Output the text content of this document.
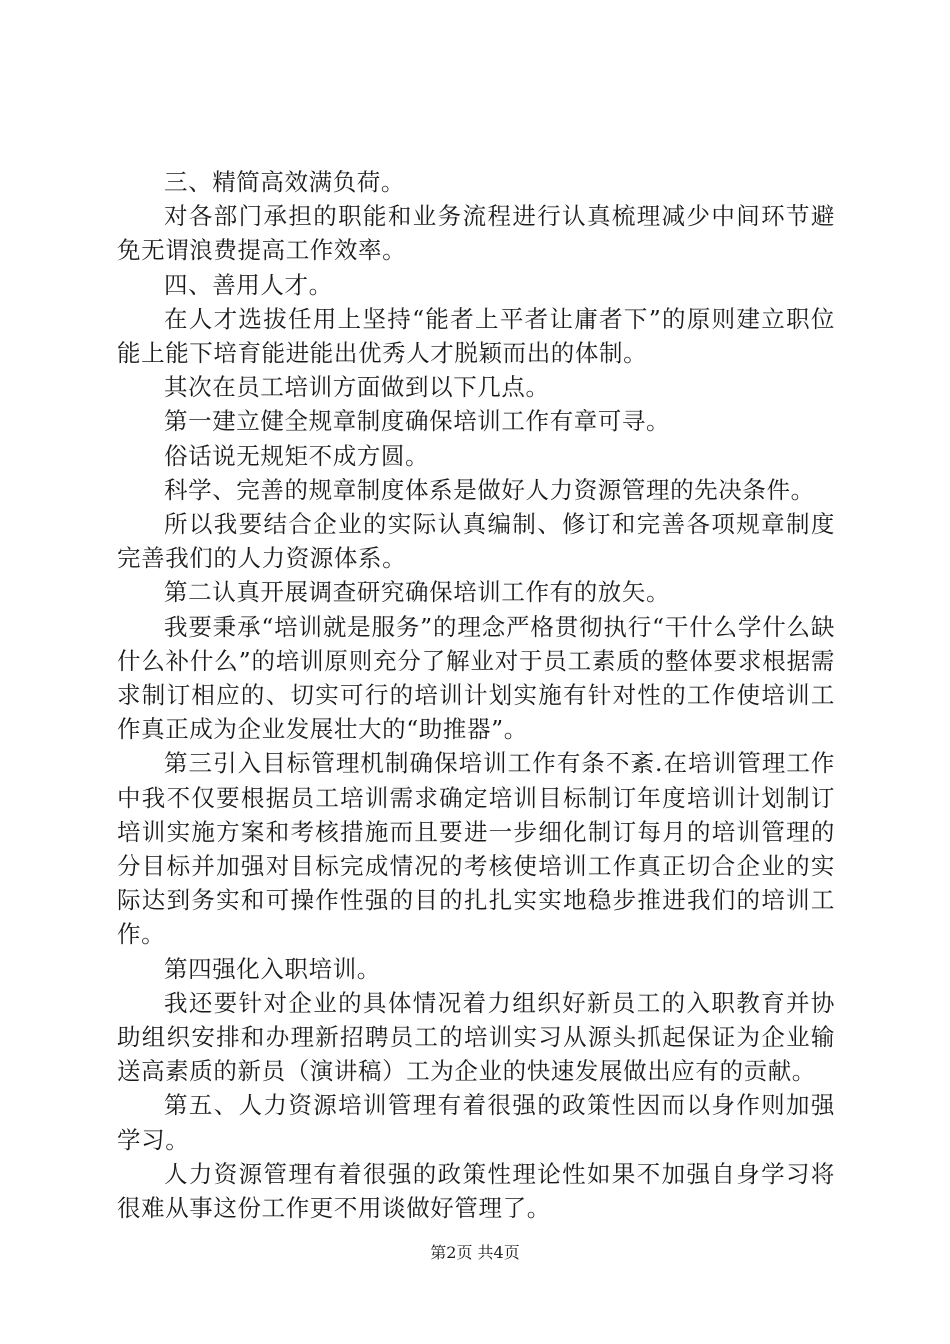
三、精简高效满负荷。

对各部门承担的职能和业务流程进行认真梳理减少中间环节避免无谓浪费提高工作效率。

四、善用人才。

在人才选拔任用上坚持“能者上平者让庸者下”的原则建立职位能上能下培育能进能出优秀人才脱颖而出的体制。

其次在员工培训方面做到以下几点。

第一建立健全规章制度确保培训工作有章可寻。

俗话说无规矩不成方圆。

科学、完善的规章制度体系是做好人力资源管理的先决条件。

所以我要结合企业的实际认真编制、修订和完善各项规章制度完善我们的人力资源体系。

第二认真开展调查研究确保培训工作有的放矢。

我要秉承“培训就是服务”的理念严格贯彻执行“干什么学什么缺什么补什么”的培训原则充分了解业对于员工素质的整体要求根据需求制订相应的、切实可行的培训计划实施有针对性的工作使培训工作真正成为企业发展壮大的“助推器”。

第三引入目标管理机制确保培训工作有条不紊.在培训管理工作中我不仅要根据员工培训需求确定培训目标制订年度培训计划制订培训实施方案和考核措施而且要进一步细化制订每月的培训管理的分目标并加强对目标完成情况的考核使培训工作真正切合企业的实际达到务实和可操作性强的目的扎扎实实地稳步推进我们的培训工作。

第四强化入职培训。

我还要针对企业的具体情况着力组织好新员工的入职教育并协助组织安排和办理新招聘员工的培训实习从源头抓起保证为企业输送高素质的新员（演讲稿）工为企业的快速发展做出应有的贡献。

第五、人力资源培训管理有着很强的政策性因而以身作则加强学习。

人力资源管理有着很强的政策性理论性如果不加强自身学习将很难从事这份工作更不用谈做好管理了。

第2页 共4页
